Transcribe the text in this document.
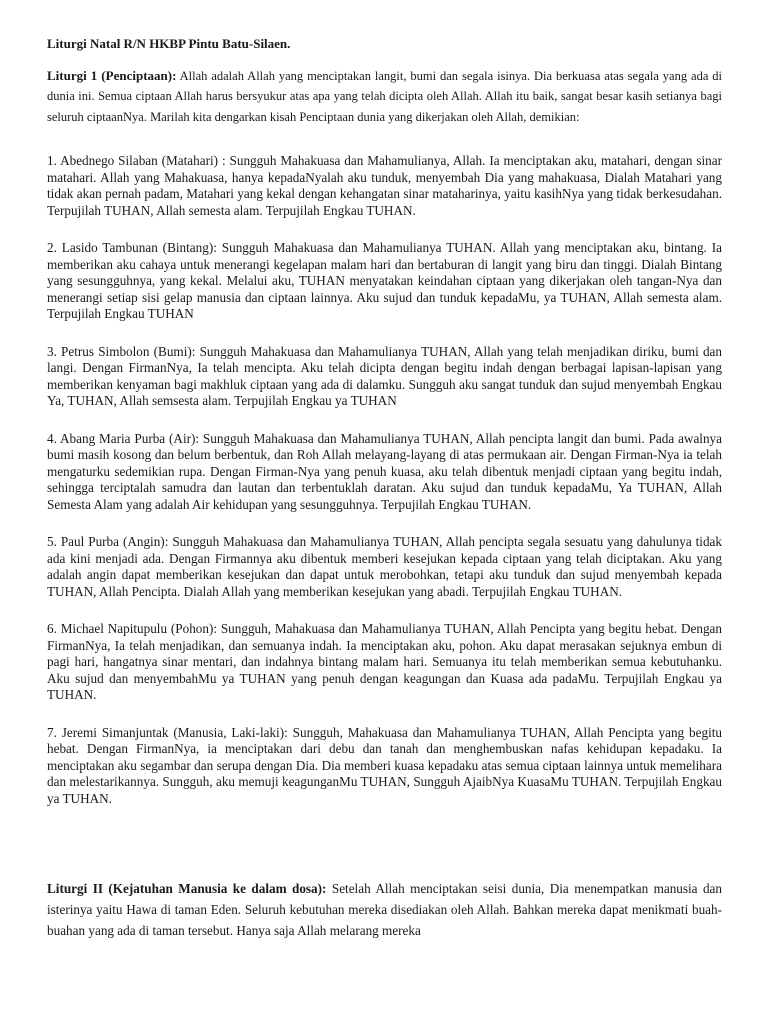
Liturgi Natal R/N HKBP Pintu Batu-Silaen.

Liturgi 1 (Penciptaan): Allah adalah Allah yang menciptakan langit, bumi dan segala isinya. Dia berkuasa atas segala yang ada di dunia ini. Semua ciptaan Allah harus bersyukur atas apa yang telah dicipta oleh Allah. Allah itu baik, sangat besar kasih setianya bagi seluruh ciptaanNya. Marilah kita dengarkan kisah Penciptaan dunia yang dikerjakan oleh Allah, demikian:

1. Abednego Silaban (Matahari) : Sungguh Mahakuasa dan Mahamulianya, Allah. Ia menciptakan aku, matahari, dengan sinar matahari. Allah yang Mahakuasa, hanya kepadaNyalah aku tunduk, menyembah Dia yang mahakuasa, Dialah Matahari yang tidak akan pernah padam, Matahari yang kekal dengan kehangatan sinar mataharinya, yaitu kasihNya yang tidak berkesudahan. Terpujilah TUHAN, Allah semesta alam. Terpujilah Engkau TUHAN.

2. Lasido Tambunan (Bintang): Sungguh Mahakuasa dan Mahamulianya TUHAN. Allah yang menciptakan aku, bintang. Ia memberikan aku cahaya untuk menerangi kegelapan malam hari dan bertaburan di langit yang biru dan tinggi. Dialah Bintang yang sesungguhnya, yang kekal. Melalui aku, TUHAN menyatakan keindahan ciptaan yang dikerjakan oleh tangan-Nya dan menerangi setiap sisi gelap manusia dan ciptaan lainnya. Aku sujud dan tunduk kepadaMu, ya TUHAN, Allah semesta alam. Terpujilah Engkau TUHAN

3. Petrus Simbolon (Bumi): Sungguh Mahakuasa dan Mahamulianya TUHAN, Allah yang telah menjadikan diriku, bumi dan langi. Dengan FirmanNya, Ia telah mencipta. Aku telah dicipta dengan begitu indah dengan berbagai lapisan-lapisan yang memberikan kenyaman bagi makhluk ciptaan yang ada di dalamku. Sungguh aku sangat tunduk dan sujud menyembah Engkau Ya, TUHAN, Allah semsesta alam. Terpujilah Engkau ya TUHAN

4. Abang Maria Purba (Air): Sungguh Mahakuasa dan Mahamulianya TUHAN, Allah pencipta langit dan bumi. Pada awalnya bumi masih kosong dan belum berbentuk, dan Roh Allah melayang-layang di atas permukaan air. Dengan Firman-Nya ia telah mengaturku sedemikian rupa. Dengan Firman-Nya yang penuh kuasa, aku telah dibentuk menjadi ciptaan yang begitu indah, sehingga terciptalah samudra dan lautan dan terbentuklah daratan. Aku sujud dan tunduk kepadaMu, Ya TUHAN, Allah Semesta Alam yang adalah Air kehidupan yang sesungguhnya. Terpujilah Engkau TUHAN.

5. Paul Purba (Angin): Sungguh Mahakuasa dan Mahamulianya TUHAN, Allah pencipta segala sesuatu yang dahulunya tidak ada kini menjadi ada. Dengan Firmannya aku dibentuk memberi kesejukan kepada ciptaan yang telah diciptakan. Aku yang adalah angin dapat memberikan kesejukan dan dapat untuk merobohkan, tetapi aku tunduk dan sujud menyembah kepada TUHAN, Allah Pencipta. Dialah Allah yang memberikan kesejukan yang abadi. Terpujilah Engkau TUHAN.

6. Michael Napitupulu (Pohon): Sungguh, Mahakuasa dan Mahamulianya TUHAN, Allah Pencipta yang begitu hebat. Dengan FirmanNya, Ia telah menjadikan, dan semuanya indah. Ia menciptakan aku, pohon. Aku dapat merasakan sejuknya embun di pagi hari, hangatnya sinar mentari, dan indahnya bintang malam hari. Semuanya itu telah memberikan semua kebutuhanku. Aku sujud dan menyembahMu ya TUHAN yang penuh dengan keagungan dan Kuasa ada padaMu. Terpujilah Engkau ya TUHAN.

7. Jeremi Simanjuntak (Manusia, Laki-laki): Sungguh, Mahakuasa dan Mahamulianya TUHAN, Allah Pencipta yang begitu hebat. Dengan FirmanNya, ia menciptakan dari debu dan tanah dan menghembuskan nafas kehidupan kepadaku. Ia menciptakan aku segambar dan serupa dengan Dia. Dia memberi kuasa kepadaku atas semua ciptaan lainnya untuk memelihara dan melestarikannya. Sungguh, aku memuji keagunganMu TUHAN, Sungguh AjaibNya KuasaMu TUHAN. Terpujilah Engkau ya TUHAN.

Liturgi II (Kejatuhan Manusia ke dalam dosa): Setelah Allah menciptakan seisi dunia, Dia menempatkan manusia dan isterinya yaitu Hawa di taman Eden. Seluruh kebutuhan mereka disediakan oleh Allah. Bahkan mereka dapat menikmati buah-buahan yang ada di taman tersebut. Hanya saja Allah melarang mereka
